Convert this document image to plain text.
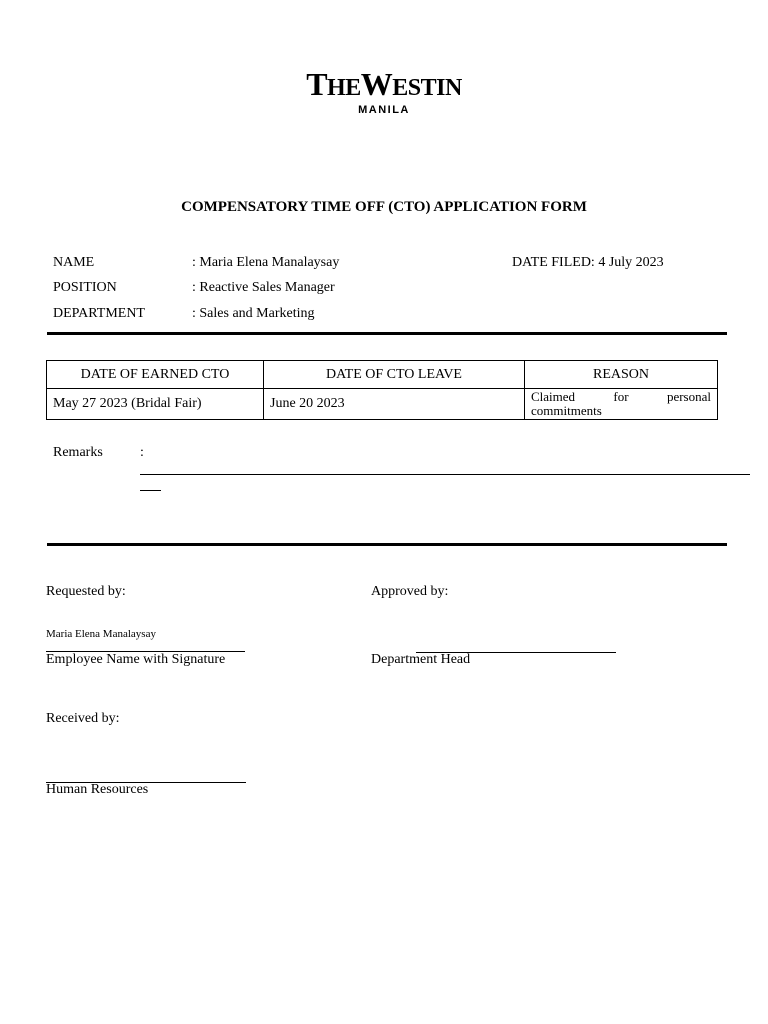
THEWESTIN
MANILA
COMPENSATORY TIME OFF (CTO) APPLICATION FORM
NAME	: Maria Elena Manalaysay	DATE FILED: 4 July 2023
POSITION	: Reactive Sales Manager
DEPARTMENT	: Sales and Marketing
DATE OF EARNED CTO	DATE OF CTO LEAVE	REASON
May 27 2023 (Bridal Fair)	June 20 2023	Claimed for personal
commitments
Remarks	:
Requested by:	Approved by:
Maria Elena Manalaysay
Employee Name with Signature	Department Head
Received by:
Human Resources
